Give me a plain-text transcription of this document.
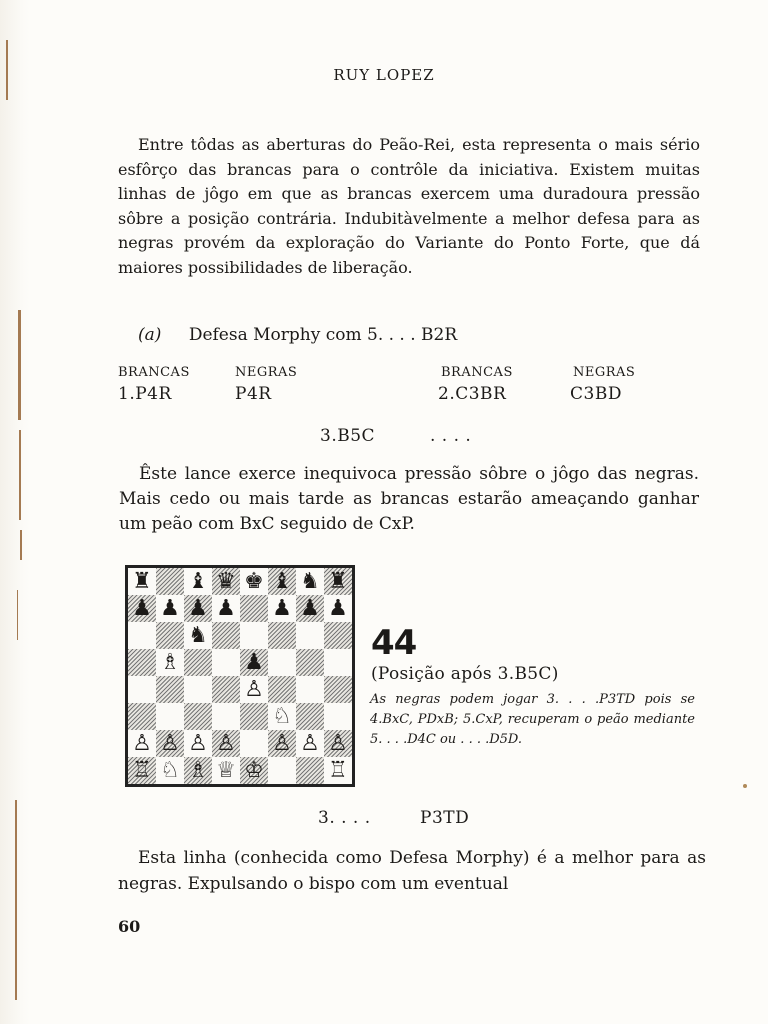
RUY LOPEZ

Entre tôdas as aberturas do Peão-Rei, esta representa o mais sério esfôrço das brancas para o contrôle da iniciativa. Existem muitas linhas de jôgo em que as brancas exercem uma duradoura pressão sôbre a posição contrária. Indubitàvelmente a melhor defesa para as negras provém da exploração do Variante do Ponto Forte, que dá maiores possibilidades de liberação.

(a) Defesa Morphy com 5. . . . B2R
BRANCAS	NEGRAS	BRANCAS	NEGRAS
1.P4R	P4R	2.C3BR	C3BD
3.B5C	. . . .

Êste lance exerce inequivoca pressão sôbre o jôgo das negras. Mais cedo ou mais tarde as brancas estarão ameaçando ganhar um peão com BxC seguido de CxP.

♜ ♝ ♛ ♚ ♝ ♞ ♜
♟ ♟ ♟ ♟ ♟ ♟ ♟
♞
♗	♟
♙
♘
♙ ♙ ♙ ♙ ♙ ♙ ♙
♖ ♘ ♗ ♕ ♔	♖
44
(Posição após 3.B5C)

As negras podem jogar 3. . . .P3TD pois se 4.BxC, PDxB; 5.CxP, recuperam o peão mediante 5. . . .D4C ou . . . .D5D.

3. . . .	P3TD

Esta linha (conhecida como Defesa Morphy) é a melhor para as negras. Expulsando o bispo com um eventual

60
